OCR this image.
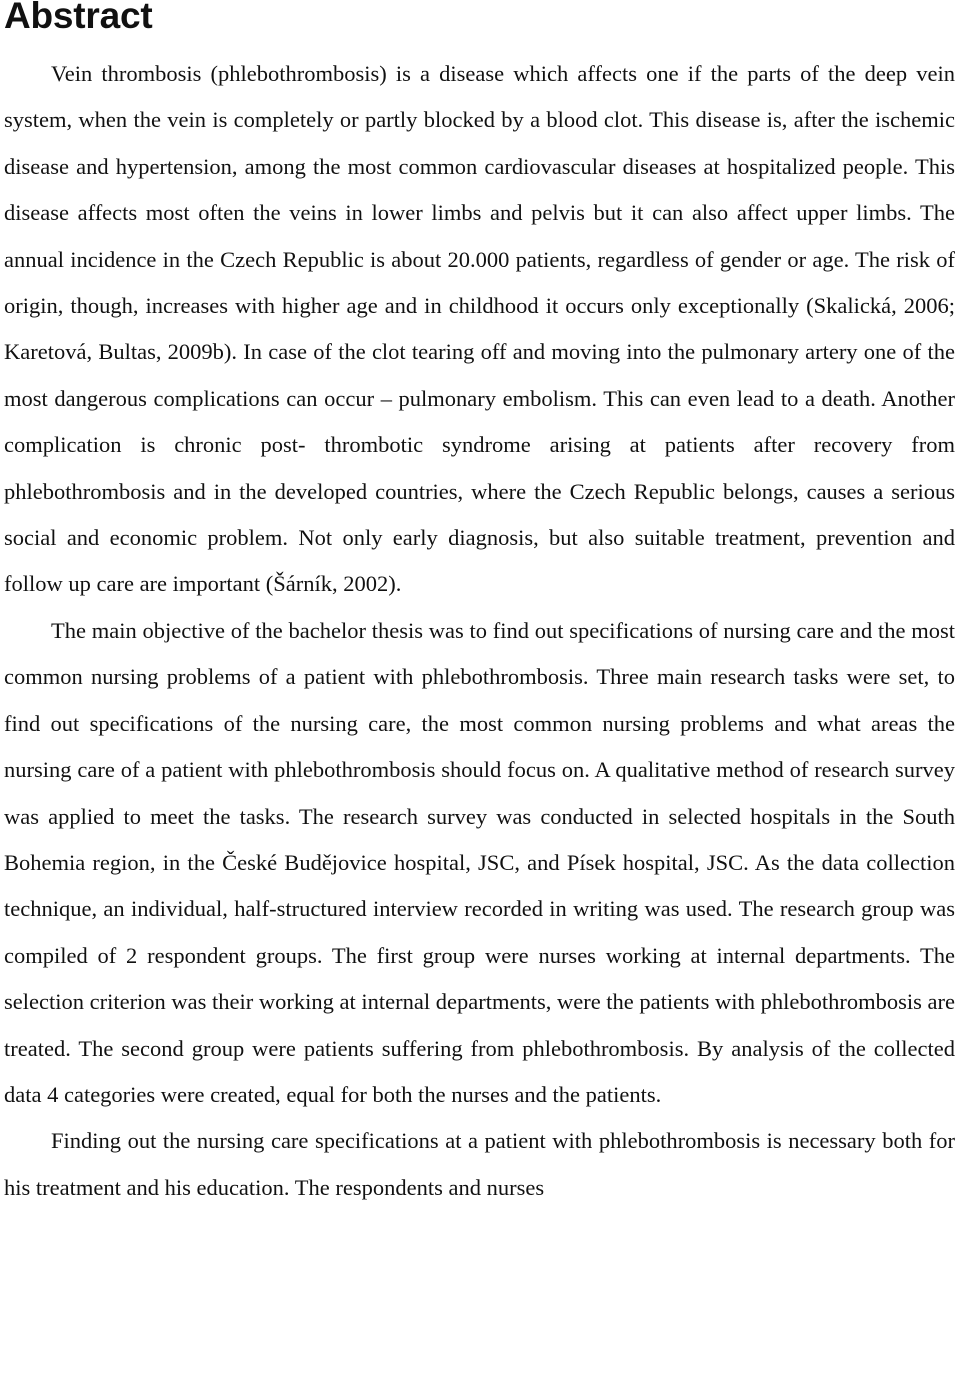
Abstract

Vein thrombosis (phlebothrombosis) is a disease which affects one if the parts of the deep vein system, when the vein is completely or partly blocked by a blood clot. This disease is, after the ischemic disease and hypertension, among the most common cardiovascular diseases at hospitalized people. This disease affects most often the veins in lower limbs and pelvis but it can also affect upper limbs. The annual incidence in the Czech Republic is about 20.000 patients, regardless of gender or age. The risk of origin, though, increases with higher age and in childhood it occurs only exceptionally (Skalická, 2006; Karetová, Bultas, 2009b). In case of the clot tearing off and moving into the pulmonary artery one of the most dangerous complications can occur – pulmonary embolism. This can even lead to a death. Another complication is chronic post- thrombotic syndrome arising at patients after recovery from phlebothrombosis and in the developed countries, where the Czech Republic belongs, causes a serious social and economic problem. Not only early diagnosis, but also suitable treatment, prevention and follow up care are important (Šárník, 2002).

The main objective of the bachelor thesis was to find out specifications of nursing care and the most common nursing problems of a patient with phlebothrombosis. Three main research tasks were set, to find out specifications of the nursing care, the most common nursing problems and what areas the nursing care of a patient with phlebothrombosis should focus on. A qualitative method of research survey was applied to meet the tasks. The research survey was conducted in selected hospitals in the South Bohemia region, in the České Budějovice hospital, JSC, and Písek hospital, JSC. As the data collection technique, an individual, half-structured interview recorded in writing was used. The research group was compiled of 2 respondent groups. The first group were nurses working at internal departments. The selection criterion was their working at internal departments, were the patients with phlebothrombosis are treated. The second group were patients suffering from phlebothrombosis. By analysis of the collected data 4 categories were created, equal for both the nurses and the patients.

Finding out the nursing care specifications at a patient with phlebothrombosis is necessary both for his treatment and his education. The respondents and nurses
